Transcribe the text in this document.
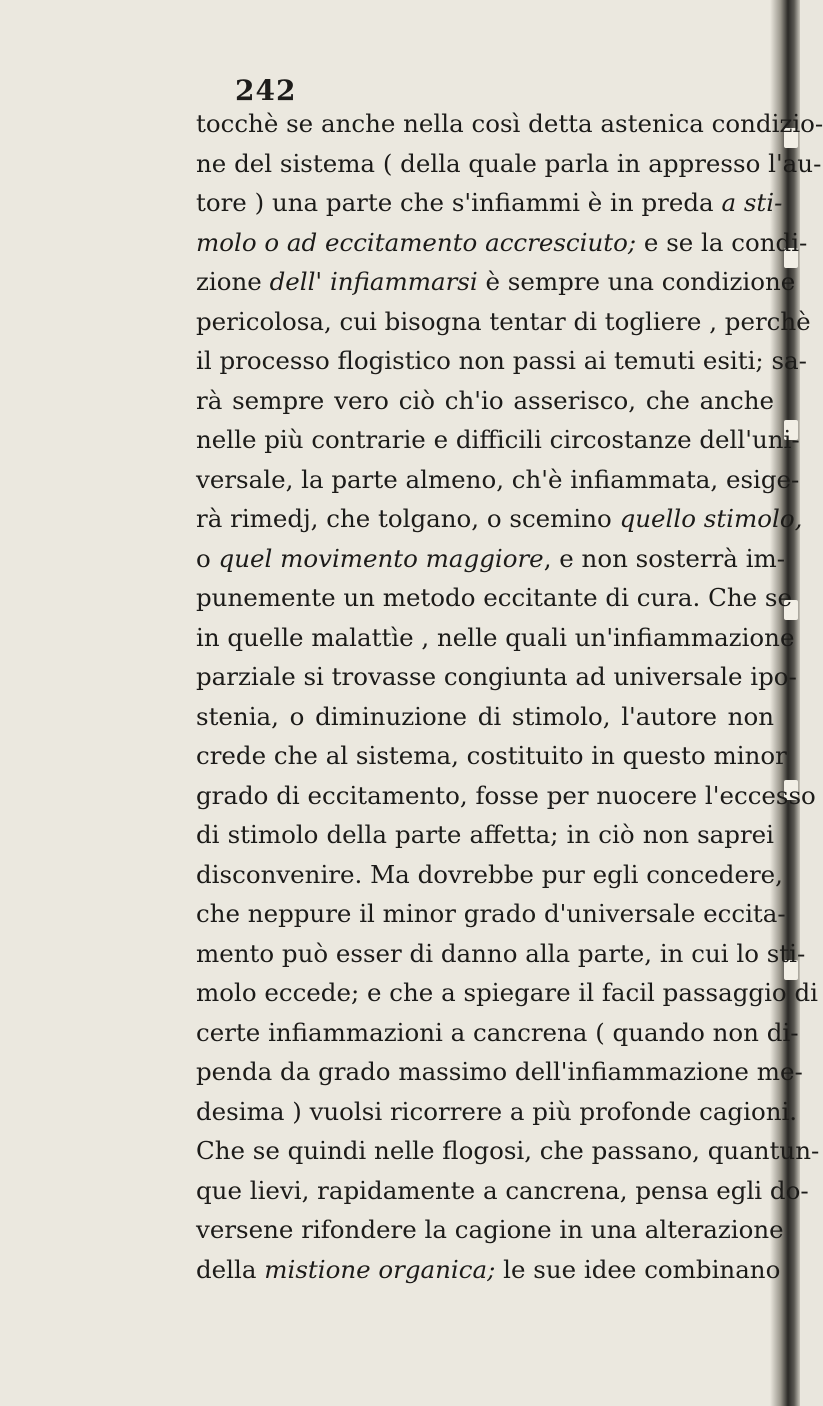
242
tocchè se anche nella così detta astenica condizio-
ne del sistema ( della quale parla in appresso l'au-
tore ) una parte che s'infiammi è in preda a sti-
molo o ad eccitamento accresciuto; e se la condi-
zione dell' infiammarsi è sempre una condizione
pericolosa, cui bisogna tentar di togliere , perchè
il processo flogistico non passi ai temuti esiti; sa-
rà sempre vero ciò ch'io asserisco, che anche
nelle più contrarie e difficili circostanze dell'uni-
versale, la parte almeno, ch'è infiammata, esige-
rà rimedj, che tolgano, o scemino quello stimolo,
o quel movimento maggiore, e non sosterrà im-
punemente un metodo eccitante di cura. Che se
in quelle malattìe , nelle quali un'infiammazione
parziale si trovasse congiunta ad universale ipo-
stenia, o diminuzione di stimolo, l'autore non
crede che al sistema, costituito in questo minor
grado di eccitamento, fosse per nuocere l'eccesso
di stimolo della parte affetta; in ciò non saprei
disconvenire. Ma dovrebbe pur egli concedere,
che neppure il minor grado d'universale eccita-
mento può esser di danno alla parte, in cui lo sti-
molo eccede; e che a spiegare il facil passaggio di
certe infiammazioni a cancrena ( quando non di-
penda da grado massimo dell'infiammazione me-
desima ) vuolsi ricorrere a più profonde cagioni.
Che se quindi nelle flogosi, che passano, quantun-
que lievi, rapidamente a cancrena, pensa egli do-
versene rifondere la cagione in una alterazione
della mistione organica; le sue idee combinano
